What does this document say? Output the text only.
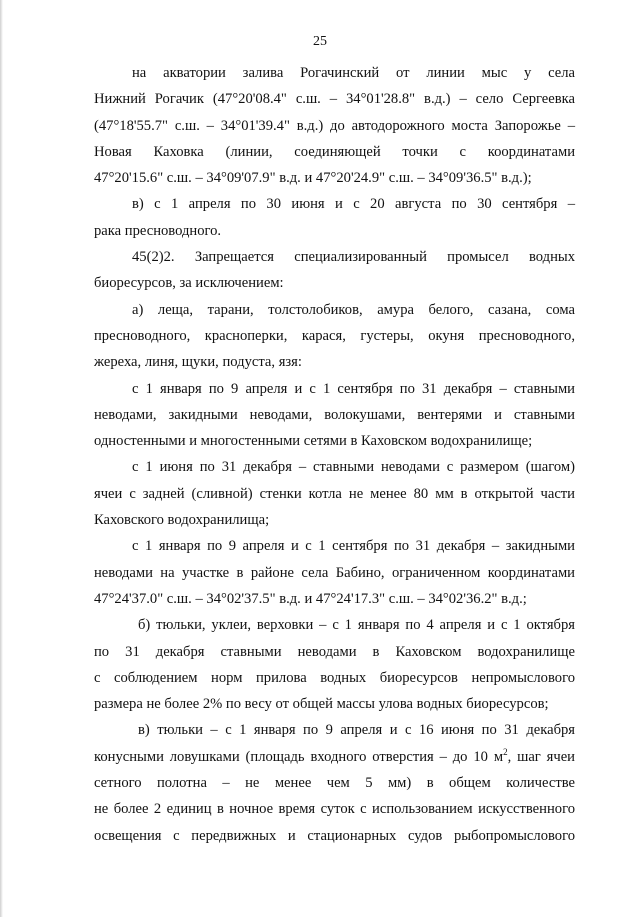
25

на акватории залива Рогачинский от линии мыс у села
Нижний Рогачик (47°20'08.4" с.ш. – 34°01'28.8" в.д.) – село Сергеевка
(47°18'55.7" с.ш. – 34°01'39.4" в.д.) до автодорожного моста Запорожье –
Новая Каховка (линии, соединяющей точки с координатами
47°20'15.6" с.ш. – 34°09'07.9" в.д. и 47°20'24.9" с.ш. – 34°09'36.5" в.д.);
в) с 1 апреля по 30 июня и с 20 августа по 30 сентября –
рака пресноводного.
45(2)2. Запрещается специализированный промысел водных
биоресурсов, за исключением:
а) леща, тарани, толстолобиков, амура белого, сазана, сома
пресноводного, красноперки, карася, густеры, окуня пресноводного,
жереха, линя, щуки, подуста, язя:
с 1 января по 9 апреля и с 1 сентября по 31 декабря – ставными
неводами, закидными неводами, волокушами, вентерями и ставными
одностенными и многостенными сетями в Каховском водохранилище;
с 1 июня по 31 декабря – ставными неводами с размером (шагом)
ячеи с задней (сливной) стенки котла не менее 80 мм в открытой части
Каховского водохранилища;
с 1 января по 9 апреля и с 1 сентября по 31 декабря – закидными
неводами на участке в районе села Бабино, ограниченном координатами
47°24'37.0" с.ш. – 34°02'37.5" в.д. и 47°24'17.3" с.ш. – 34°02'36.2" в.д.;
б) тюльки, уклеи, верховки – с 1 января по 4 апреля и с 1 октября
по 31 декабря ставными неводами в Каховском водохранилище
с соблюдением норм прилова водных биоресурсов непромыслового
размера не более 2% по весу от общей массы улова водных биоресурсов;
в) тюльки – с 1 января по 9 апреля и с 16 июня по 31 декабря
конусными ловушками (площадь входного отверстия – до 10 $м^2$, шаг ячеи
сетного полотна – не менее чем 5 мм) в общем количестве
не более 2 единиц в ночное время суток с использованием искусственного
освещения с передвижных и стационарных судов рыбопромыслового
